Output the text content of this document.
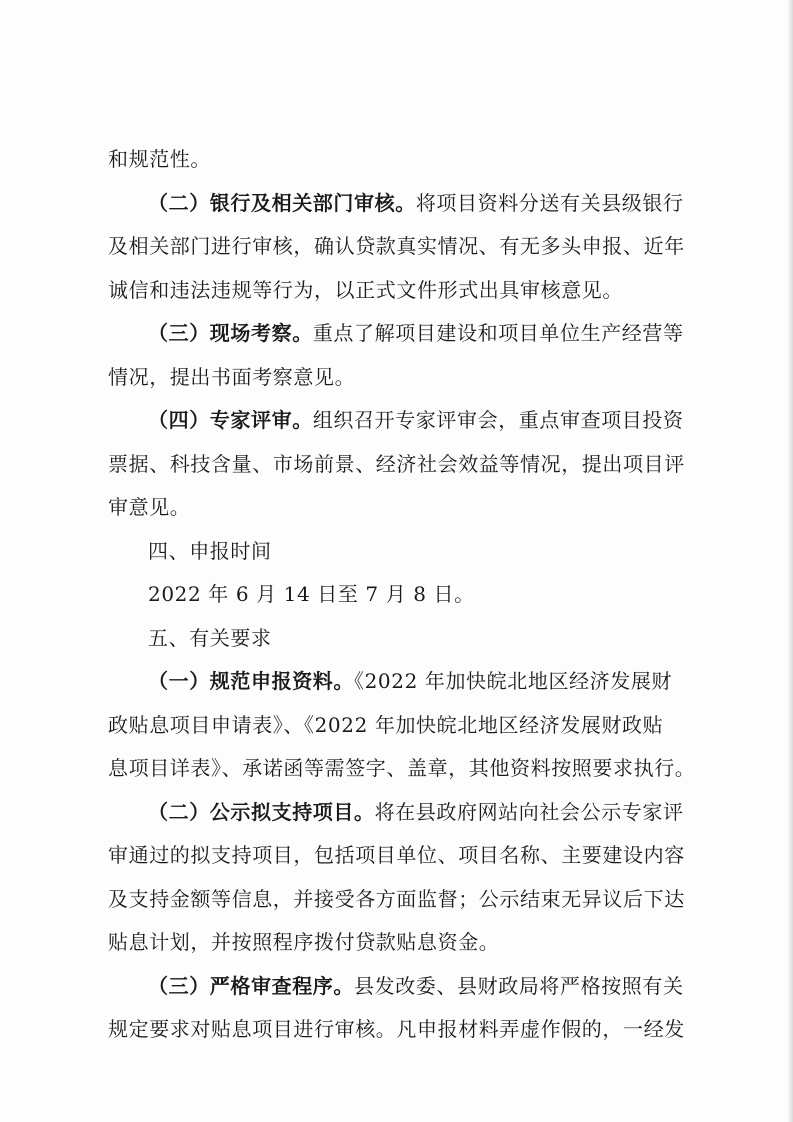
和规范性。
（二）银行及相关部门审核。将项目资料分送有关县级银行
及相关部门进行审核，确认贷款真实情况、有无多头申报、近年
诚信和违法违规等行为，以正式文件形式出具审核意见。
（三）现场考察。重点了解项目建设和项目单位生产经营等
情况，提出书面考察意见。
（四）专家评审。组织召开专家评审会，重点审查项目投资
票据、科技含量、市场前景、经济社会效益等情况，提出项目评
审意见。
四、申报时间
2022 年 6 月 14 日至 7 月 8 日。
五、有关要求
（一）规范申报资料。《2022 年加快皖北地区经济发展财
政贴息项目申请表》、《2022 年加快皖北地区经济发展财政贴
息项目详表》、承诺函等需签字、盖章，其他资料按照要求执行。
（二）公示拟支持项目。将在县政府网站向社会公示专家评
审通过的拟支持项目，包括项目单位、项目名称、主要建设内容
及支持金额等信息，并接受各方面监督；公示结束无异议后下达
贴息计划，并按照程序拨付贷款贴息资金。
（三）严格审查程序。县发改委、县财政局将严格按照有关
规定要求对贴息项目进行审核。凡申报材料弄虚作假的，一经发
